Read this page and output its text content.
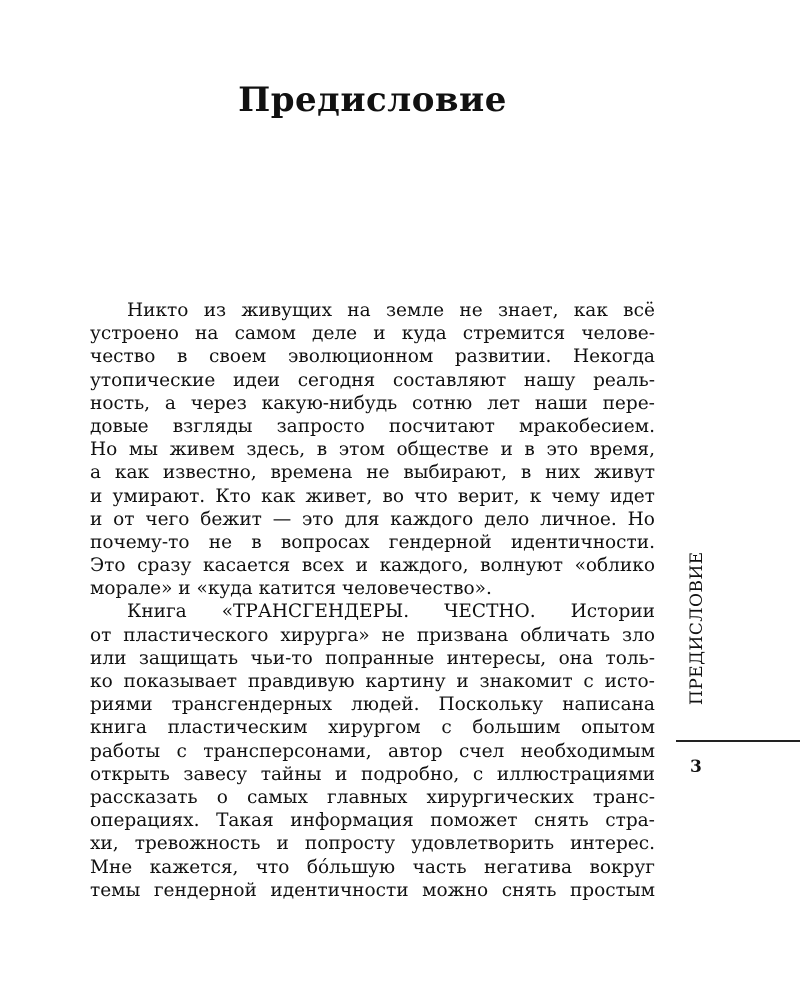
Предисловие
Никто из живущих на земле не знает, как всё
устроено на самом деле и куда стремится челове-
чество в своем эволюционном развитии. Некогда
утопические идеи сегодня составляют нашу реаль-
ность, а через какую-нибудь сотню лет наши пере-
довые взгляды запросто посчитают мракобесием.
Но мы живем здесь, в этом обществе и в это время,
а как известно, времена не выбирают, в них живут
и умирают. Кто как живет, во что верит, к чему идет
и от чего бежит — это для каждого дело личное. Но
почему-то не в вопросах гендерной идентичности.
Это сразу касается всех и каждого, волнуют «облико
морале» и «куда катится человечество».
Книга «ТРАНСГЕНДЕРЫ. ЧЕСТНО. Истории
от пластического хирурга» не призвана обличать зло
или защищать чьи-то попранные интересы, она толь-
ко показывает правдивую картину и знакомит с исто-
риями трансгендерных людей. Поскольку написана
книга пластическим хирургом с большим опытом
работы с трансперсонами, автор счел необходимым
открыть завесу тайны и подробно, с иллюстрациями
рассказать о самых главных хирургических транс-
операциях. Такая информация поможет снять стра-
хи, тревожность и попросту удовлетворить интерес.
Мне кажется, что бóльшую часть негатива вокруг
темы гендерной идентичности можно снять простым
ПРЕДИСЛОВИЕ
3
